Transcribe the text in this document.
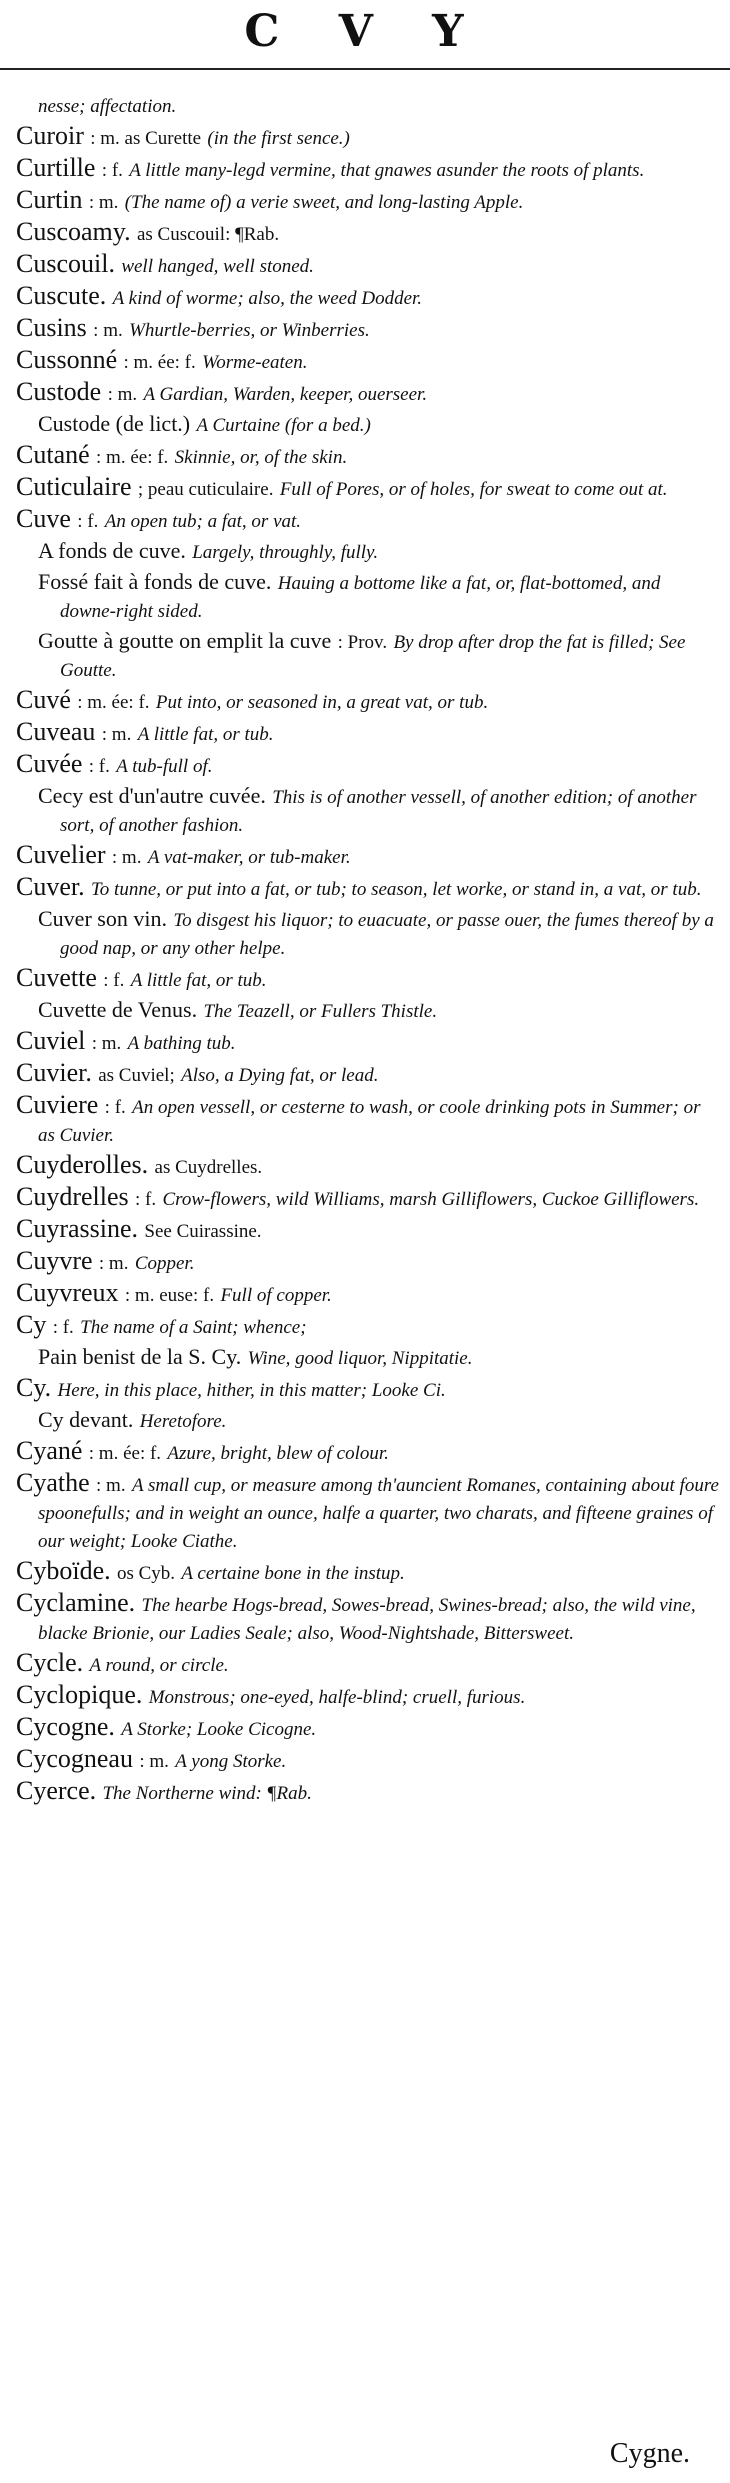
C V Y
nesse; affectation.
Curoir : m. as Curette (in the first sence.)
Curtille : f. A little many-legd vermine, that gnawes asunder the roots of plants.
Curtin : m. (The name of) a verie sweet, and long-lasting Apple.
Cuscoamy. as Cuscouil: ¶Rab.
Cuscouil. well hanged, well stoned.
Cuscute. A kind of worme; also, the weed Dodder.
Cusins : m. Whurtle-berries, or Winberries.
Cussonné : m. ée: f. Worme-eaten.
Custode : m. A Gardian, Warden, keeper, ouerseer.
Custode (de lict.) A Curtaine (for a bed.)
Cutané : m. ée: f. Skinnie, or, of the skin.
Cuticulaire ; peau cuticulaire. Full of Pores, or of holes, for sweat to come out at.
Cuve : f. An open tub; a fat, or vat.
A fonds de cuve. Largely, throughly, fully.
Fossé fait à fonds de cuve. Hauing a bottome like a fat, or, flat-bottomed, and downe-right sided.
Goutte à goutte on emplit la cuve : Prov. By drop after drop the fat is filled; See Goutte.
Cuvé : m. ée: f. Put into, or seasoned in, a great vat, or tub.
Cuveau : m. A little fat, or tub.
Cuvée : f. A tub-full of.
Cecy est d'un'autre cuvée. This is of another vessell, of another edition; of another sort, of another fashion.
Cuvelier : m. A vat-maker, or tub-maker.
Cuver. To tunne, or put into a fat, or tub; to season, let worke, or stand in, a vat, or tub.
Cuver son vin. To disgest his liquor; to euacuate, or passe ouer, the fumes thereof by a good nap, or any other helpe.
Cuvette : f. A little fat, or tub.
Cuvette de Venus. The Teazell, or Fullers Thistle.
Cuviel : m. A bathing tub.
Cuvier. as Cuviel; Also, a Dying fat, or lead.
Cuviere : f. An open vessell, or cesterne to wash, or coole drinking pots in Summer; or as Cuvier.
Cuyderolles. as Cuydrelles.
Cuydrelles : f. Crow-flowers, wild Williams, marsh Gilliflowers, Cuckoe Gilliflowers.
Cuyrassine. See Cuirassine.
Cuyvre : m. Copper.
Cuyvreux : m. euse: f. Full of copper.
Cy : f. The name of a Saint; whence;
Pain benist de la S. Cy. Wine, good liquor, Nippitatie.
Cy. Here, in this place, hither, in this matter; Looke Ci.
Cy devant. Heretofore.
Cyané : m. ée: f. Azure, bright, blew of colour.
Cyathe : m. A small cup, or measure among th'auncient Romanes, containing about foure spoonefulls; and in weight an ounce, halfe a quarter, two charats, and fifteene graines of our weight; Looke Ciathe.
Cyboïde. os Cyb. A certaine bone in the instup.
Cyclamine. The hearbe Hogs-bread, Sowes-bread, Swines-bread; also, the wild vine, blacke Brionie, our Ladies Seale; also, Wood-Nightshade, Bittersweet.
Cycle. A round, or circle.
Cyclopique. Monstrous; one-eyed, halfe-blind; cruell, furious.
Cycogne. A Storke; Looke Cicogne.
Cycogneau : m. A yong Storke.
Cyerce. The Northerne wind: ¶Rab.
Cygne.
